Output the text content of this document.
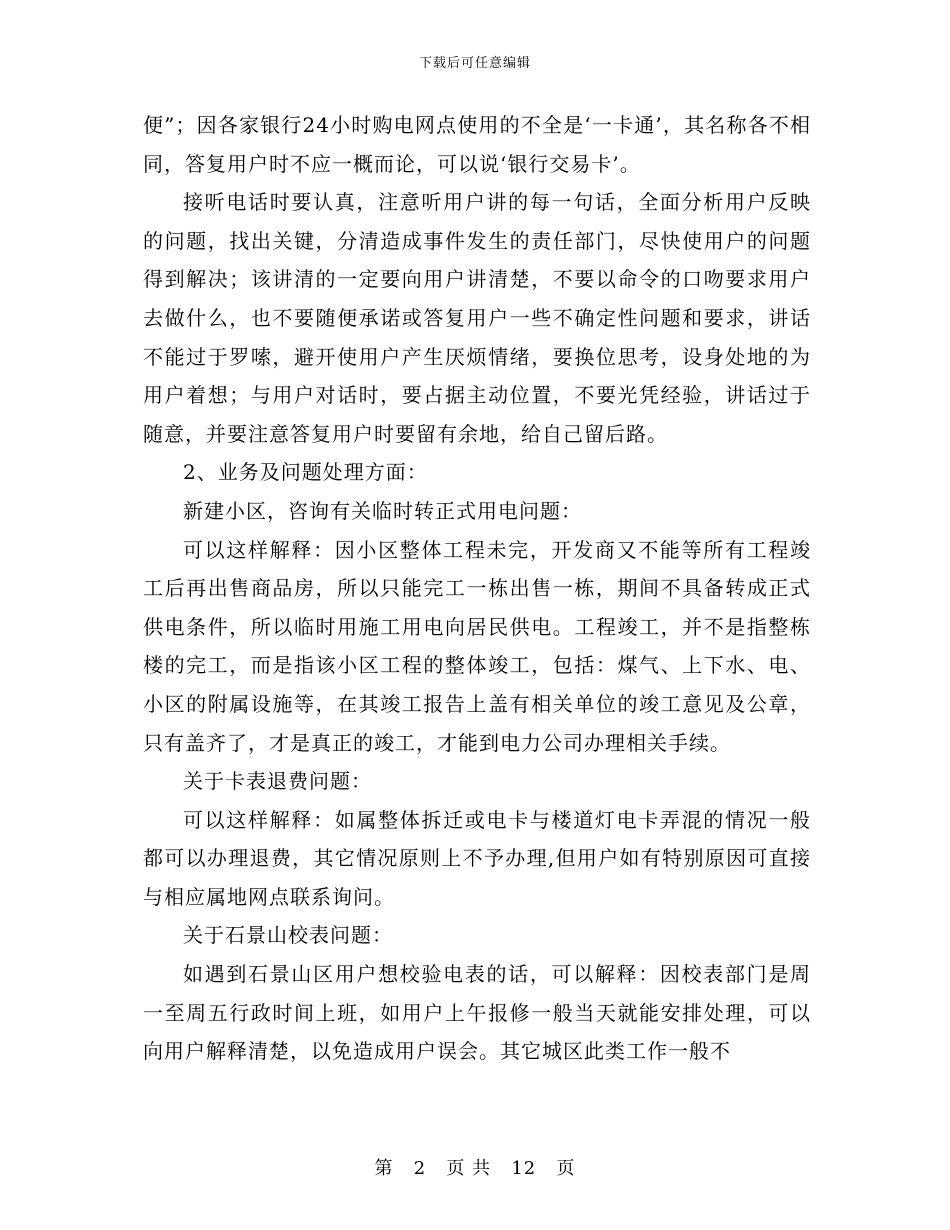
下载后可任意编辑

便”；因各家银行24小时购电网点使用的不全是‘一卡通’，其名称各不相同，答复用户时不应一概而论，可以说‘银行交易卡’。

接听电话时要认真，注意听用户讲的每一句话，全面分析用户反映的问题，找出关键，分清造成事件发生的责任部门，尽快使用户的问题得到解决；该讲清的一定要向用户讲清楚，不要以命令的口吻要求用户去做什么，也不要随便承诺或答复用户一些不确定性问题和要求，讲话不能过于罗嗦，避开使用户产生厌烦情绪，要换位思考，设身处地的为用户着想；与用户对话时，要占据主动位置，不要光凭经验，讲话过于随意，并要注意答复用户时要留有余地，给自己留后路。

2、业务及问题处理方面：

新建小区，咨询有关临时转正式用电问题：

可以这样解释：因小区整体工程未完，开发商又不能等所有工程竣工后再出售商品房，所以只能完工一栋出售一栋，期间不具备转成正式供电条件，所以临时用施工用电向居民供电。工程竣工，并不是指整栋楼的完工，而是指该小区工程的整体竣工，包括：煤气、上下水、电、小区的附属设施等，在其竣工报告上盖有相关单位的竣工意见及公章，只有盖齐了，才是真正的竣工，才能到电力公司办理相关手续。

关于卡表退费问题：

可以这样解释：如属整体拆迁或电卡与楼道灯电卡弄混的情况一般都可以办理退费，其它情况原则上不予办理,但用户如有特别原因可直接与相应属地网点联系询问。

关于石景山校表问题：

如遇到石景山区用户想校验电表的话，可以解释：因校表部门是周一至周五行政时间上班，如用户上午报修一般当天就能安排处理，可以向用户解释清楚，以免造成用户误会。其它城区此类工作一般不

第 2 页 共 12 页
